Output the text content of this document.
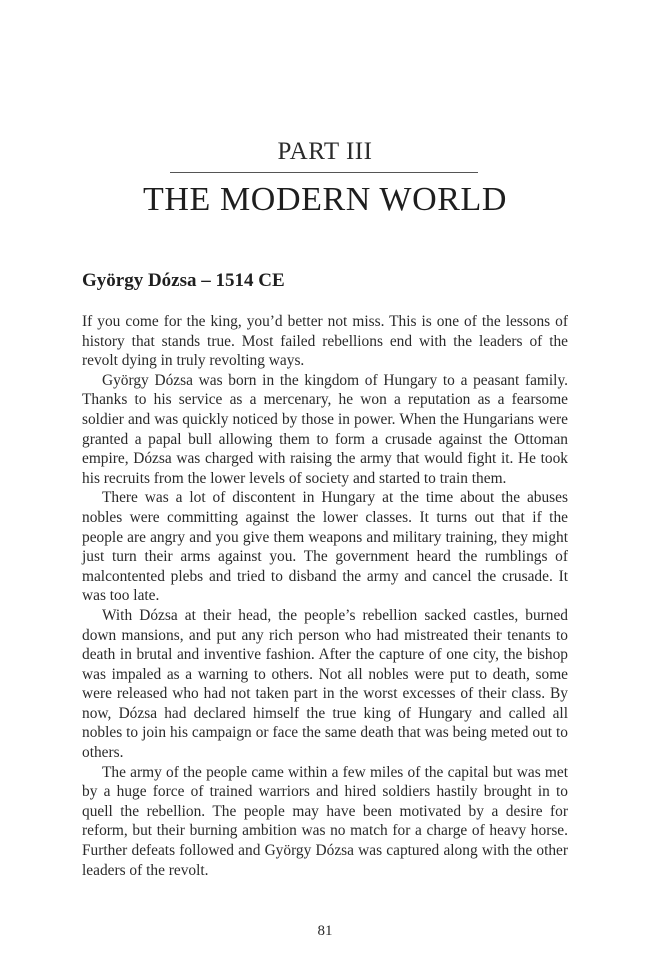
PART III
THE MODERN WORLD
György Dózsa – 1514 CE

If you come for the king, you’d better not miss. This is one of the lessons of history that stands true. Most failed rebellions end with the leaders of the revolt dying in truly revolting ways.

György Dózsa was born in the kingdom of Hungary to a peasant family. Thanks to his service as a mercenary, he won a reputation as a fearsome soldier and was quickly noticed by those in power. When the Hungarians were granted a papal bull allowing them to form a crusade against the Ottoman empire, Dózsa was charged with raising the army that would fight it. He took his recruits from the lower levels of society and started to train them.

There was a lot of discontent in Hungary at the time about the abuses nobles were committing against the lower classes. It turns out that if the people are angry and you give them weapons and military training, they might just turn their arms against you. The government heard the rumblings of malcontented plebs and tried to disband the army and cancel the crusade. It was too late.

With Dózsa at their head, the people’s rebellion sacked castles, burned down mansions, and put any rich person who had mistreated their tenants to death in brutal and inventive fashion. After the capture of one city, the bishop was impaled as a warning to others. Not all nobles were put to death, some were released who had not taken part in the worst excesses of their class. By now, Dózsa had declared himself the true king of Hungary and called all nobles to join his campaign or face the same death that was being meted out to others.

The army of the people came within a few miles of the capital but was met by a huge force of trained warriors and hired soldiers hastily brought in to quell the rebellion. The people may have been motivated by a desire for reform, but their burning ambition was no match for a charge of heavy horse. Further defeats followed and György Dózsa was captured along with the other leaders of the revolt.

81
